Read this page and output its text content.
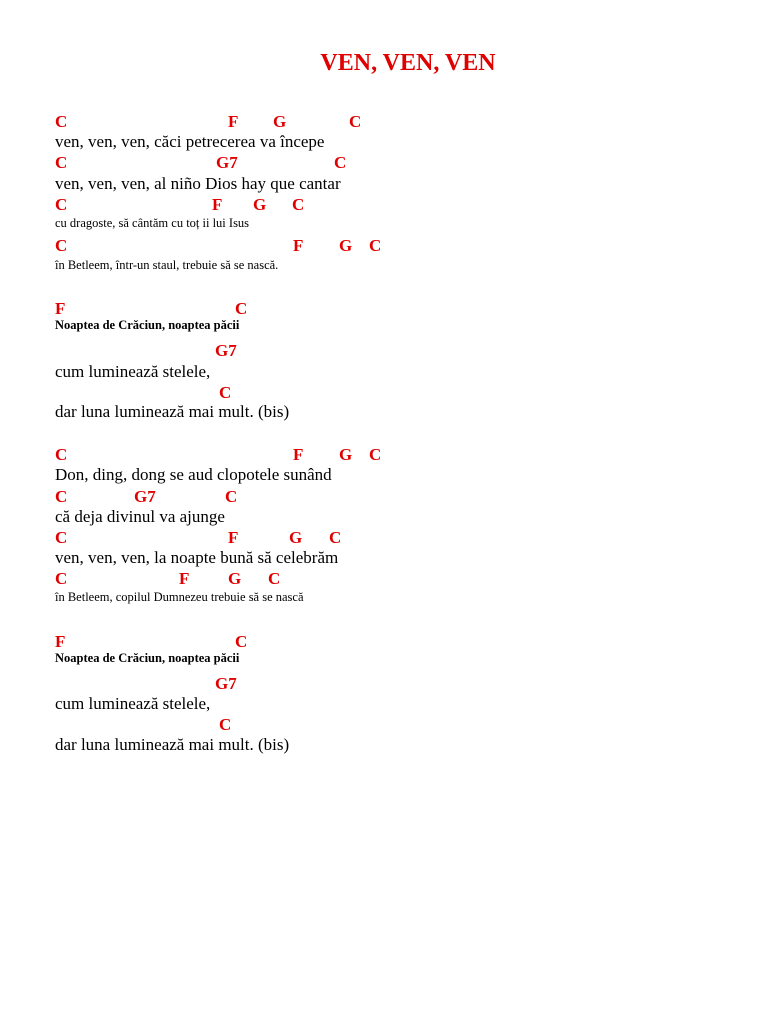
VEN, VEN, VEN
C	F G	C
ven, ven, ven, căci petrecerea va începe
C	G7	C
ven, ven, ven, al niño Dios hay que cantar
C	F G C
cu dragoste, să cântăm cu toț ii lui Isus
C	F G C
în Betleem, într-un staul, trebuie să se nască.
F	C
Noaptea de Crăciun, noaptea păcii
G7
cum luminează stelele,
C
dar luna luminează mai mult. (bis)
C	F G C
Don, ding, dong se aud clopotele sunând
C	G7	C
că deja divinul va ajunge
C	F	G C
ven, ven, ven, la noapte bună să celebrăm
C	F G C
în Betleem, copilul Dumnezeu trebuie să se nască
F	C
Noaptea de Crăciun, noaptea păcii
G7
cum luminează stelele,
C
dar luna luminează mai mult. (bis)
